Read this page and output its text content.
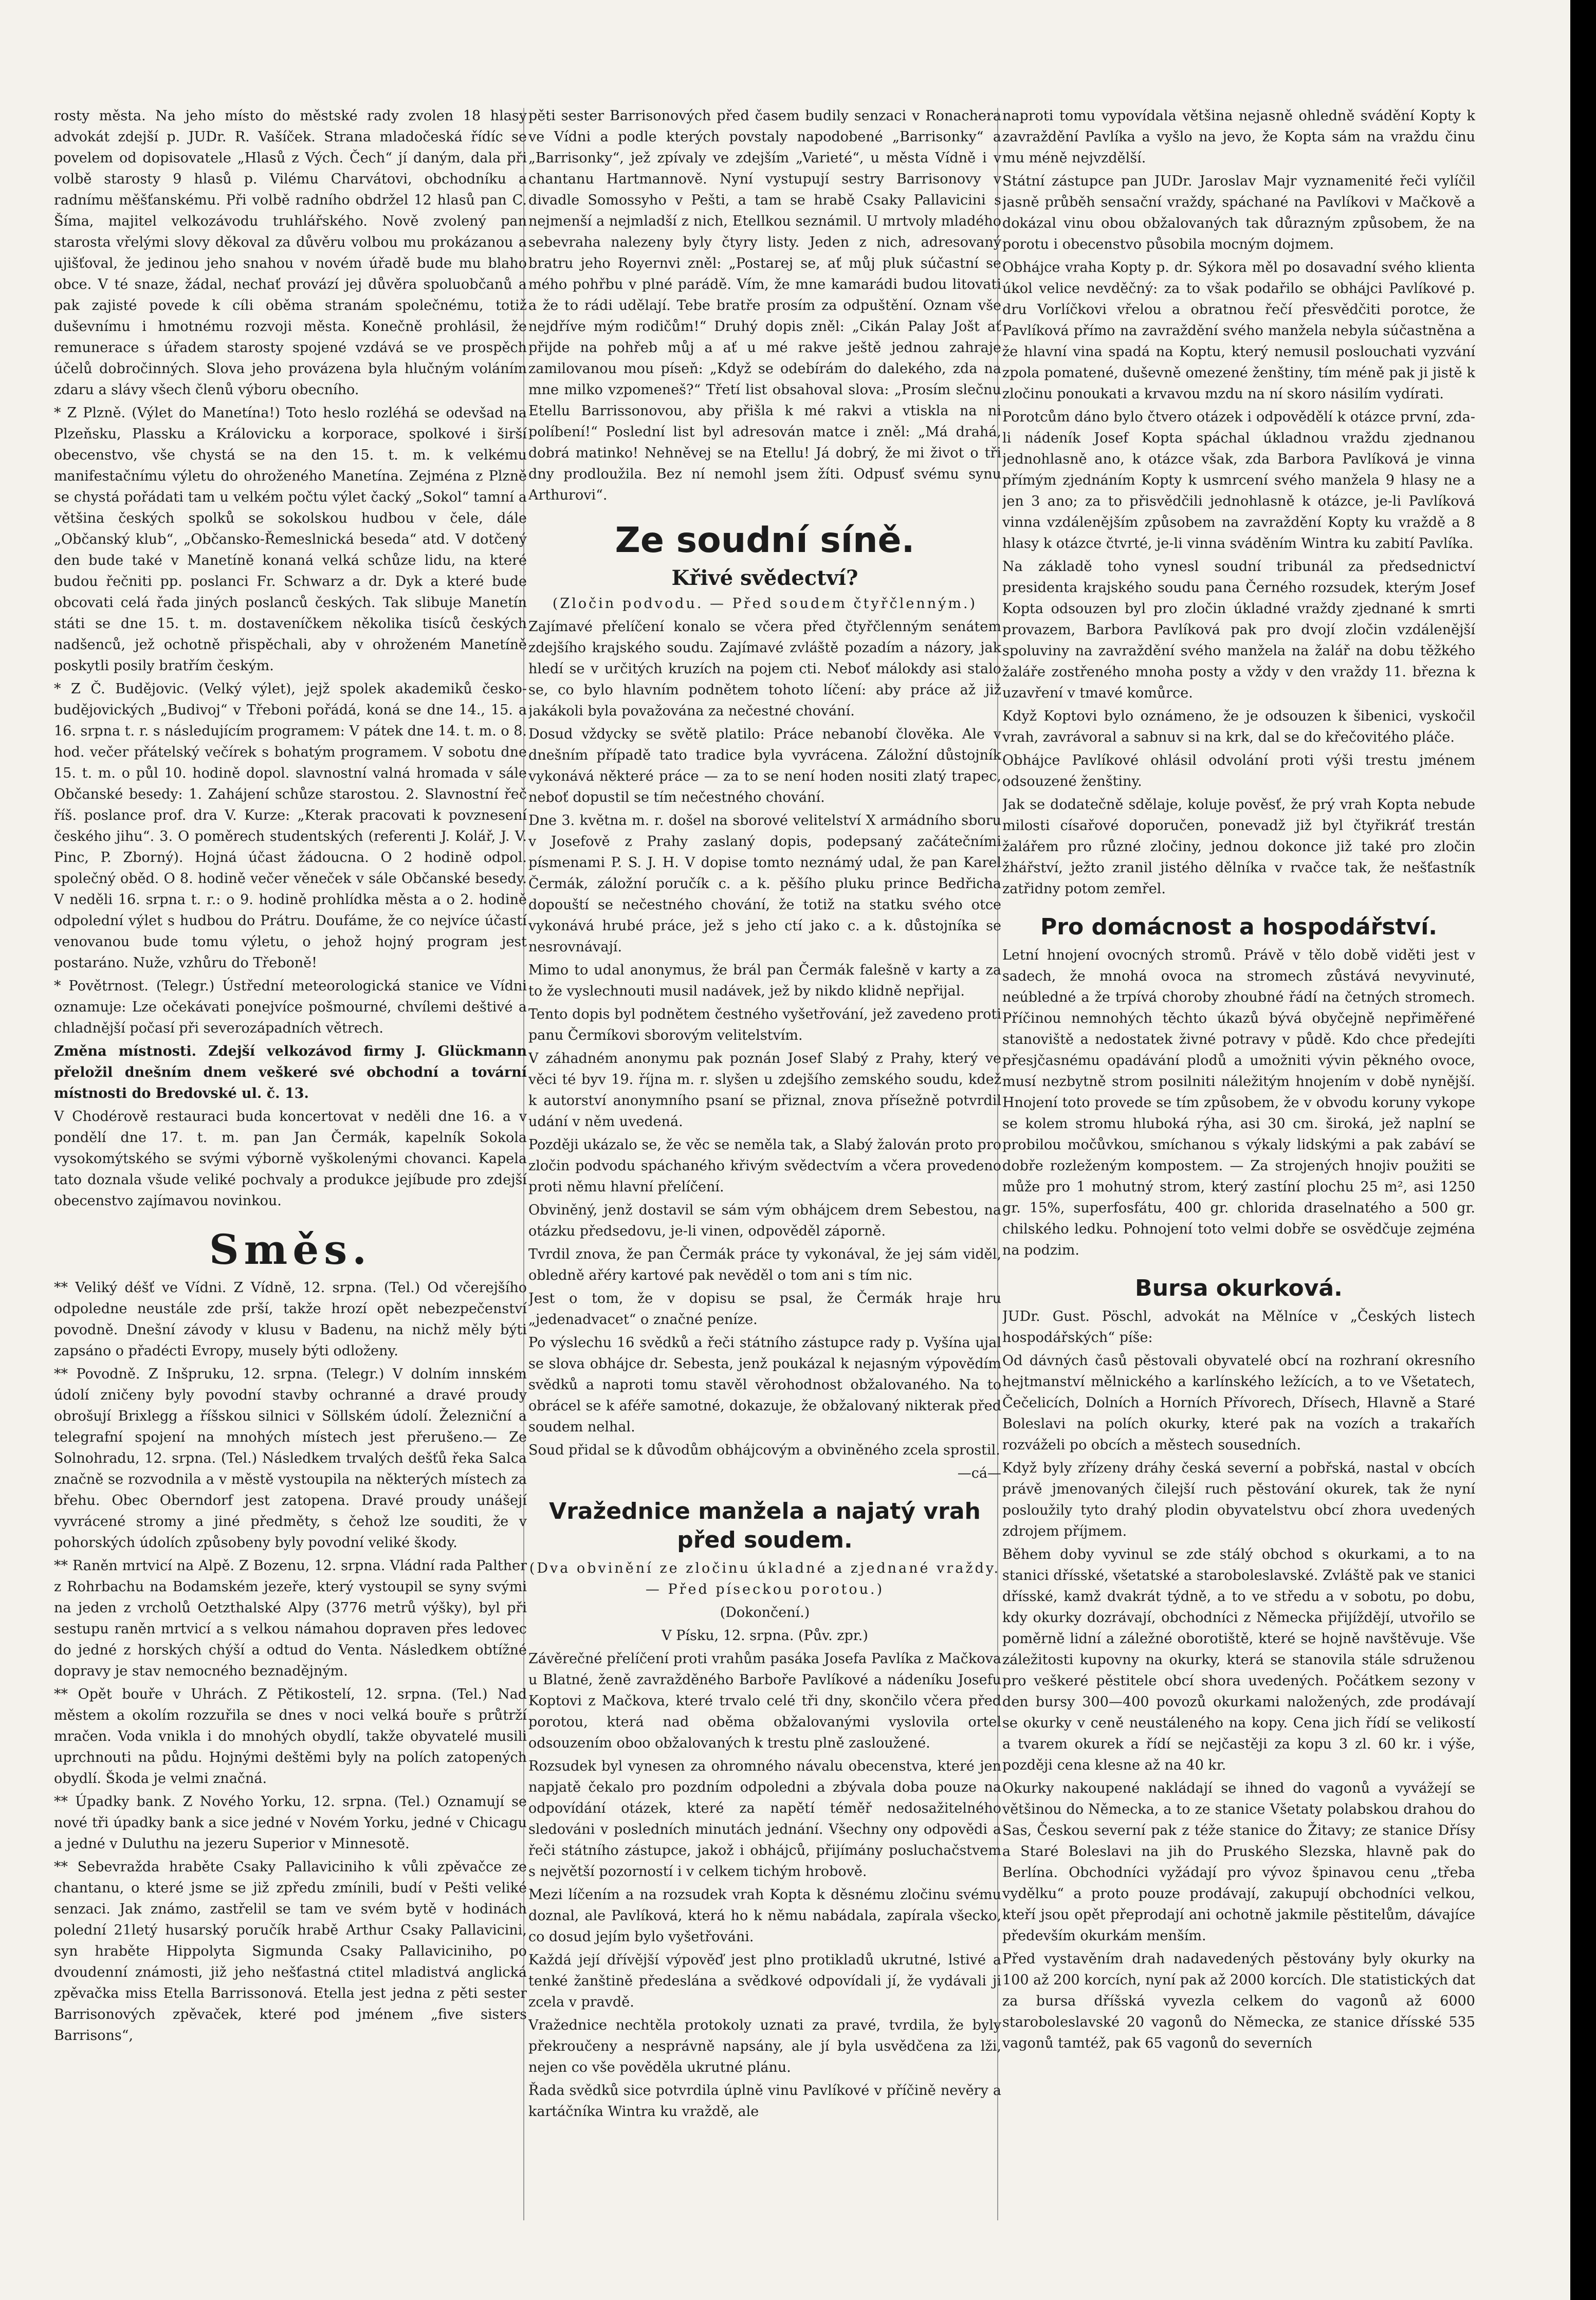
rosty města. Na jeho místo do městské rady zvolen 18 hlasy advokát zdejší p. JUDr. R. Vašíček. Strana mladočeská řídíc se povelem od dopisovatele „Hlasů z Vých. Čech“ jí daným, dala při volbě starosty 9 hlasů p. Vilému Charvátovi, obchodníku a radnímu měšťanskému. Při volbě radního obdržel 12 hlasů pan C. Šíma, majitel velkozávodu truhlářského. Nově zvolený pan starosta vřelými slovy děkoval za důvěru volbou mu prokázanou a ujišťoval, že jedinou jeho snahou v novém úřadě bude mu blaho obce. V té snaze, žádal, nechať provází jej důvěra spoluobčanů a pak zajisté povede k cíli oběma stranám společnému, totiž duševnímu i hmotnému rozvoji města. Konečně prohlásil, že remunerace s úřadem starosty spojené vzdává se ve prospěch účelů dobročinných. Slova jeho provázena byla hlučným voláním zdaru a slávy všech členů výboru obecního.

* Z Plzně. (Výlet do Manetína!) Toto heslo rozléhá se odevšad na Plzeňsku, Plassku a Královicku a korporace, spolkové i širší obecenstvo, vše chystá se na den 15. t. m. k velkému manifestačnímu výletu do ohroženého Manetína. Zejména z Plzně se chystá pořádati tam u velkém počtu výlet čacký „Sokol“ tamní a většina českých spolků se sokolskou hudbou v čele, dále „Občanský klub“, „Občansko-Řemeslnická beseda“ atd. V dotčený den bude také v Manetíně konaná velká schůze lidu, na které budou řečniti pp. poslanci Fr. Schwarz a dr. Dyk a které bude obcovati celá řada jiných poslanců českých. Tak slibuje Manetín státi se dne 15. t. m. dostaveníčkem několika tisíců českých nadšenců, jež ochotně přispěchali, aby v ohroženém Manetíně poskytli posily bratřím českým.

* Z Č. Budějovic. (Velký výlet), jejž spolek akademiků česko-budějovických „Budivoj“ v Třeboni pořádá, koná se dne 14., 15. a 16. srpna t. r. s následujícím programem: V pátek dne 14. t. m. o 8. hod. večer přátelský večírek s bohatým programem. V sobotu dne 15. t. m. o půl 10. hodině dopol. slavnostní valná hromada v sále Občanské besedy: 1. Zahájení schůze starostou. 2. Slavnostní řeč říš. poslance prof. dra V. Kurze: „Kterak pracovati k povznesení českého jihu“. 3. O poměrech studentských (referenti J. Kolář, J. V. Pinc, P. Zborný). Hojná účast žádoucna. O 2 hodině odpol. společný oběd. O 8. hodině večer věneček v sále Občanské besedy. V neděli 16. srpna t. r.: o 9. hodině prohlídka města a o 2. hodině odpolední výlet s hudbou do Prátru. Doufáme, že co nejvíce účastí venovanou bude tomu výletu, o jehož hojný program jest postaráno. Nuže, vzhůru do Třeboně!

* Povětrnost. (Telegr.) Ústřední meteorologická stanice ve Vídni oznamuje: Lze očekávati ponejvíce pošmourné, chvílemi deštivé a chladnější počasí při severozápadních větrech.

Změna místnosti. Zdejší velkozávod firmy J. Glückmann přeložil dnešním dnem veškeré své obchodní a tovární místnosti do Bredovské ul. č. 13.

V Chodérově restauraci buda koncertovat v neděli dne 16. a v pondělí dne 17. t. m. pan Jan Čermák, kapelník Sokola vysokomýtského se svými výborně vyškolenými chovanci. Kapela tato doznala všude veliké pochvaly a produkce jejíbude pro zdejší obecenstvo zajímavou novinkou.

Směs.

** Veliký déšť ve Vídni. Z Vídně, 12. srpna. (Tel.) Od včerejšího odpoledne neustále zde prší, takže hrozí opět nebezpečenství povodně. Dnešní závody v klusu v Badenu, na nichž měly býti zapsáno o přadécti Evropy, musely býti odloženy.

** Povodně. Z Inšpruku, 12. srpna. (Telegr.) V dolním innském údolí zničeny byly povodní stavby ochranné a dravé proudy obrošují Brixlegg a říšskou silnici v Söllském údolí. Železniční a telegrafní spojení na mnohých místech jest přerušeno.— Ze Solnohradu, 12. srpna. (Tel.) Následkem trvalých dešťů řeka Salca značně se rozvodnila a v městě vystoupila na některých místech za břehu. Obec Oberndorf jest zatopena. Dravé proudy unášejí vyvrácené stromy a jiné předměty, s čehož lze souditi, že v pohorských údolích způsobeny byly povodní veliké škody.

** Raněn mrtvicí na Alpě. Z Bozenu, 12. srpna. Vládní rada Palther z Rohrbachu na Bodamském jezeře, který vystoupil se syny svými na jeden z vrcholů Oetzthalské Alpy (3776 metrů výšky), byl při sestupu raněn mrtvicí a s velkou námahou dopraven přes ledovec do jedné z horských chýší a odtud do Venta. Následkem obtížné dopravy je stav nemocného beznadějným.

** Opět bouře v Uhrách. Z Pětikostelí, 12. srpna. (Tel.) Nad městem a okolím rozzuřila se dnes v noci velká bouře s průtrží mračen. Voda vnikla i do mnohých obydlí, takže obyvatelé musili uprchnouti na půdu. Hojnými deštěmi byly na polích zatopených obydlí. Škoda je velmi značná.

** Úpadky bank. Z Nového Yorku, 12. srpna. (Tel.) Oznamují se nové tři úpadky bank a sice jedné v Novém Yorku, jedné v Chicagu a jedné v Duluthu na jezeru Superior v Minnesotě.

** Sebevražda hraběte Csaky Pallaviciniho k vůli zpěvačce ze chantanu, o které jsme se již zpředu zmínili, budí v Pešti veliké senzaci. Jak známo, zastřelil se tam ve svém bytě v hodinách polední 21letý husarský poručík hrabě Arthur Csaky Pallavicini, syn hraběte Hippolyta Sigmunda Csaky Pallaviciniho, po dvoudenní známosti, již jeho nešťastná ctitel mladistvá anglická zpěvačka miss Etella Barrissonová. Etella jest jedna z pěti sester Barrisonových zpěvaček, které pod jménem „five sisters Barrisons“,

pěti sester Barrisonových před časem budily senzaci v Ronachera ve Vídni a podle kterých povstaly napodobené „Barrisonky“ a „Barrisonky“, jež zpívaly ve zdejším „Varieté“, u města Vídně i v chantanu Hartmannově. Nyní vystupují sestry Barrisonovy v divadle Somossyho v Pešti, a tam se hrabě Csaky Pallavicini s nejmenší a nejmladší z nich, Etellkou seznámil. U mrtvoly mladého sebevraha nalezeny byly čtyry listy. Jeden z nich, adresovaný bratru jeho Royernvi zněl: „Postarej se, ať můj pluk súčastní se mého pohřbu v plné parádě. Vím, že mne kamarádi budou litovati a že to rádi udělají. Tebe bratře prosím za odpuštění. Oznam vše nejdříve mým rodičům!“ Druhý dopis zněl: „Cikán Palay Jošt ať přijde na pohřeb můj a ať u mé rakve ještě jednou zahraje zamilovanou mou píseň: „Když se odebírám do dalekého, zda na mne milko vzpomeneš?“ Třetí list obsahoval slova: „Prosím slečnu Etellu Barrissonovou, aby přišla k mé rakvi a vtiskla na ni políbení!“ Poslední list byl adresován matce i zněl: „Má drahá, dobrá matinko! Nehněvej se na Etellu! Já dobrý, že mi život o tři dny prodloužila. Bez ní nemohl jsem žíti. Odpusť svému synu Arthurovi“.

Ze soudní síně.
Křivé svědectví?

(Zločin podvodu. — Před soudem čtyřčlenným.)

Zajímavé přelíčení konalo se včera před čtyřčlenným senátem zdejšího krajského soudu. Zajímavé zvláště pozadím a názory, jak hledí se v určitých kruzích na pojem cti. Neboť málokdy asi stalo se, co bylo hlavním podnětem tohoto líčení: aby práce až již jakákoli byla považována za nečestné chování.

Dosud vždycky se světě platilo: Práce nebanobí člověka. Ale v dnešním případě tato tradice byla vyvrácena. Záložní důstojník vykonává některé práce — za to se není hoden nositi zlatý trapec, neboť dopustil se tím nečestného chování.

Dne 3. května m. r. došel na sborové velitelství X armádního sboru v Josefově z Prahy zaslaný dopis, podepsaný začátečními písmenami P. S. J. H. V dopise tomto neznámý udal, že pan Karel Čermák, záložní poručík c. a k. pěšího pluku prince Bedřicha dopouští se nečestného chování, že totiž na statku svého otce vykonává hrubé práce, jež s jeho ctí jako c. a k. důstojníka se nesrovnávají.

Mimo to udal anonymus, že brál pan Čermák falešně v karty a za to že vyslechnouti musil nadávek, jež by nikdo klidně nepřijal.

Tento dopis byl podnětem čestného vyšetřování, jež zavedeno proti panu Čermíkovi sborovým velitelstvím.

V záhadném anonymu pak poznán Josef Slabý z Prahy, který ve věci té byv 19. října m. r. slyšen u zdejšího zemského soudu, kdež k autorství anonymního psaní se přiznal, znova přísežně potvrdil udání v něm uvedená.

Později ukázalo se, že věc se neměla tak, a Slabý žalován proto pro zločin podvodu spáchaného křivým svědectvím a včera provedeno proti němu hlavní přelíčení.

Obviněný, jenž dostavil se sám vým obhájcem drem Sebestou, na otázku předsedovu, je-li vinen, odpověděl záporně.

Tvrdil znova, že pan Čermák práce ty vykonával, že jej sám viděl, obledně ařéry kartové pak nevěděl o tom ani s tím nic.

Jest o tom, že v dopisu se psal, že Čermák hraje hru „jedenadvacet“ o značné peníze.

Po výslechu 16 svědků a řeči státního zástupce rady p. Vyšína ujal se slova obhájce dr. Sebesta, jenž poukázal k nejasným výpovědím svědků a naproti tomu stavěl věrohodnost obžalovaného. Na to obrácel se k aféře samotné, dokazuje, že obžalovaný nikterak před soudem nelhal.

Soud přidal se k důvodům obhájcovým a obviněného zcela sprostil.

—cá—

Vražednice manžela a najatý vrah před soudem.

(Dva obvinění ze zločinu úkladné a zjednané vraždy. — Před píseckou porotou.)

(Dokončení.)

V Písku, 12. srpna. (Pův. zpr.)

Závěrečné přelíčení proti vrahům pasáka Josefa Pavlíka z Mačkova u Blatné, ženě zavražděného Barboře Pavlíkové a nádeníku Josefu Koptovi z Mačkova, které trvalo celé tři dny, skončilo včera před porotou, která nad oběma obžalovanými vyslovila ortel odsouzením oboo obžalovaných k trestu plně zasloužené.

Rozsudek byl vynesen za ohromného návalu obecenstva, které jen napjatě čekalo pro pozdním odpoledni a zbývala doba pouze na odpovídání otázek, které za napětí téměř nedosažitelného sledováni v posledních minutách jednání. Všechny ony odpovědi a řeči státního zástupce, jakož i obhájců, přijímány posluchačstvem s největší pozorností i v celkem tichým hrobově.

Mezi líčením a na rozsudek vrah Kopta k děsnému zločinu svému doznal, ale Pavlíková, která ho k němu nabádala, zapírala všecko, co dosud jejím bylo vyšetřováni.

Každá její dřívější výpověď jest plno protikladů ukrutné, lstivé a tenké žanštině předeslána a svědkové odpovídali jí, že vydávali ji zcela v pravdě.

Vražednice nechtěla protokoly uznati za pravé, tvrdila, že byly překroučeny a nesprávně napsány, ale jí byla usvědčena za lži, nejen co vše pověděla ukrutné plánu.

Řada svědků sice potvrdila úplně vinu Pavlíkové v příčině nevěry a kartáčníka Wintra ku vraždě, ale

naproti tomu vypovídala většina nejasně ohledně svádění Kopty k zavraždění Pavlíka a vyšlo na jevo, že Kopta sám na vraždu činu mu méně nejvzdělší.

Státní zástupce pan JUDr. Jaroslav Majr vyznamenité řeči vylíčil jasně průběh sensační vraždy, spáchané na Pavlíkovi v Mačkově a dokázal vinu obou obžalovaných tak důrazným způsobem, že na porotu i obecenstvo působila mocným dojmem.

Obhájce vraha Kopty p. dr. Sýkora měl po dosavadní svého klienta úkol velice nevděčný: za to však podařilo se obhájci Pavlíkové p. dru Vorlíčkovi vřelou a obratnou řečí přesvědčiti porotce, že Pavlíková přímo na zavraždění svého manžela nebyla súčastněna a že hlavní vina spadá na Koptu, který nemusil poslouchati vyzvání zpola pomatené, duševně omezené ženštiny, tím méně pak ji jistě k zločinu ponoukati a krvavou mzdu na ní skoro násilím vydírati.

Porotcům dáno bylo čtvero otázek i odpovědělí k otázce první, zda-li nádeník Josef Kopta spáchal úkladnou vraždu zjednanou jednohlasně ano, k otázce však, zda Barbora Pavlíková je vinna přímým zjednáním Kopty k usmrcení svého manžela 9 hlasy ne a jen 3 ano; za to přisvědčili jednohlasně k otázce, je-li Pavlíková vinna vzdálenějším způsobem na zavraždění Kopty ku vraždě a 8 hlasy k otázce čtvrté, je-li vinna sváděním Wintra ku zabití Pavlíka.

Na základě toho vynesl soudní tribunál za předsednictví presidenta krajského soudu pana Černého rozsudek, kterým Josef Kopta odsouzen byl pro zločin úkladné vraždy zjednané k smrti provazem, Barbora Pavlíková pak pro dvojí zločin vzdálenější spoluviny na zavraždění svého manžela na žalář na dobu těžkého žaláře zostřeného mnoha posty a vždy v den vraždy 11. března k uzavření v tmavé komůrce.

Když Koptovi bylo oznámeno, že je odsouzen k šibenici, vyskočil vrah, zavrávoral a sabnuv si na krk, dal se do křečovitého pláče.

Obhájce Pavlíkové ohlásil odvolání proti výši trestu jménem odsouzené ženštiny.

Jak se dodatečně sdělaje, koluje pověsť, že prý vrah Kopta nebude milosti císařové doporučen, ponevadž již byl čtyřikráť trestán žalářem pro různé zločiny, jednou dokonce již také pro zločin žhářství, ježto zranil jistého dělníka v rvačce tak, že nešťastník zatřidny potom zemřel.

Pro domácnost a hospodářství.

Letní hnojení ovocných stromů. Právě v tělo době viděti jest v sadech, že mnohá ovoca na stromech zůstává nevyvinuté, neúbledné a že trpívá choroby zhoubné řádí na četných stromech. Příčinou nemnohých těchto úkazů bývá obyčejně nepřiměřené stanoviště a nedostatek živné potravy v půdě. Kdo chce předejíti přesjčasnému opadávání plodů a umožniti vývin pěkného ovoce, musí nezbytně strom posilniti náležitým hnojením v době nynější. Hnojení toto provede se tím způsobem, že v obvodu koruny vykope se kolem stromu hluboká rýha, asi 30 cm. široká, jež naplní se probilou močůvkou, smíchanou s výkaly lidskými a pak zabáví se dobře rozleženým kompostem. — Za strojených hnojiv použiti se může pro 1 mohutný strom, který zastíní plochu 25 m², asi 1250 gr. 15%, superfosfátu, 400 gr. chlorida draselnatého a 500 gr. chilského ledku. Pohnojení toto velmi dobře se osvědčuje zejména na podzim.

Bursa okurková.

JUDr. Gust. Pöschl, advokát na Mělníce v „Českých listech hospodářských“ píše:

Od dávných časů pěstovali obyvatelé obcí na rozhraní okresního hejtmanství mělnického a karlínského ležících, a to ve Všetatech, Čečelicích, Dolních a Horních Přívorech, Dřísech, Hlavně a Staré Boleslavi na polích okurky, které pak na vozích a trakařích rozváželi po obcích a městech sousedních.

Když byly zřízeny dráhy česká severní a pobřská, nastal v obcích právě jmenovaných čilejší ruch pěstování okurek, tak že nyní posloužily tyto drahý plodin obyvatelstvu obcí zhora uvedených zdrojem příjmem.

Během doby vyvinul se zde stálý obchod s okurkami, a to na stanici dřísské, všetatské a staroboleslavské. Zvláště pak ve stanici dřísské, kamž dvakrát týdně, a to ve středu a v sobotu, po dobu, kdy okurky dozrávají, obchodníci z Německa přijíždějí, utvořilo se poměrně lidní a záležné oborotiště, které se hojně navštěvuje. Vše záležitosti kupovny na okurky, která se stanovila stále sdruženou pro veškeré pěstitele obcí shora uvedených. Počátkem sezony v den bursy 300—400 povozů okurkami naložených, zde prodávají se okurky v ceně neustáleného na kopy. Cena jich řídí se velikostí a tvarem okurek a řídí se nejčastěji za kopu 3 zl. 60 kr. i výše, později cena klesne až na 40 kr.

Okurky nakoupené nakládají se ihned do vagonů a vyvážejí se většinou do Německa, a to ze stanice Všetaty polabskou drahou do Sas, Českou severní pak z téže stanice do Žitavy; ze stanice Dřísy a Staré Boleslavi na jih do Pruského Slezska, hlavně pak do Berlína. Obchodníci vyžádají pro vývoz špinavou cenu „třeba vydělku“ a proto pouze prodávají, zakupují obchodníci velkou, kteří jsou opět přeprodají ani ochotně jakmile pěstitelům, dávajíce především okurkám menším.

Před vystavěním drah nadavedených pěstovány byly okurky na 100 až 200 korcích, nyní pak až 2000 korcích. Dle statistických dat za bursa dříšská vyvezla celkem do vagonů až 6000 staroboleslavské 20 vagonů do Německa, ze stanice dřísské 535 vagonů tamtéž, pak 65 vagonů do severních
